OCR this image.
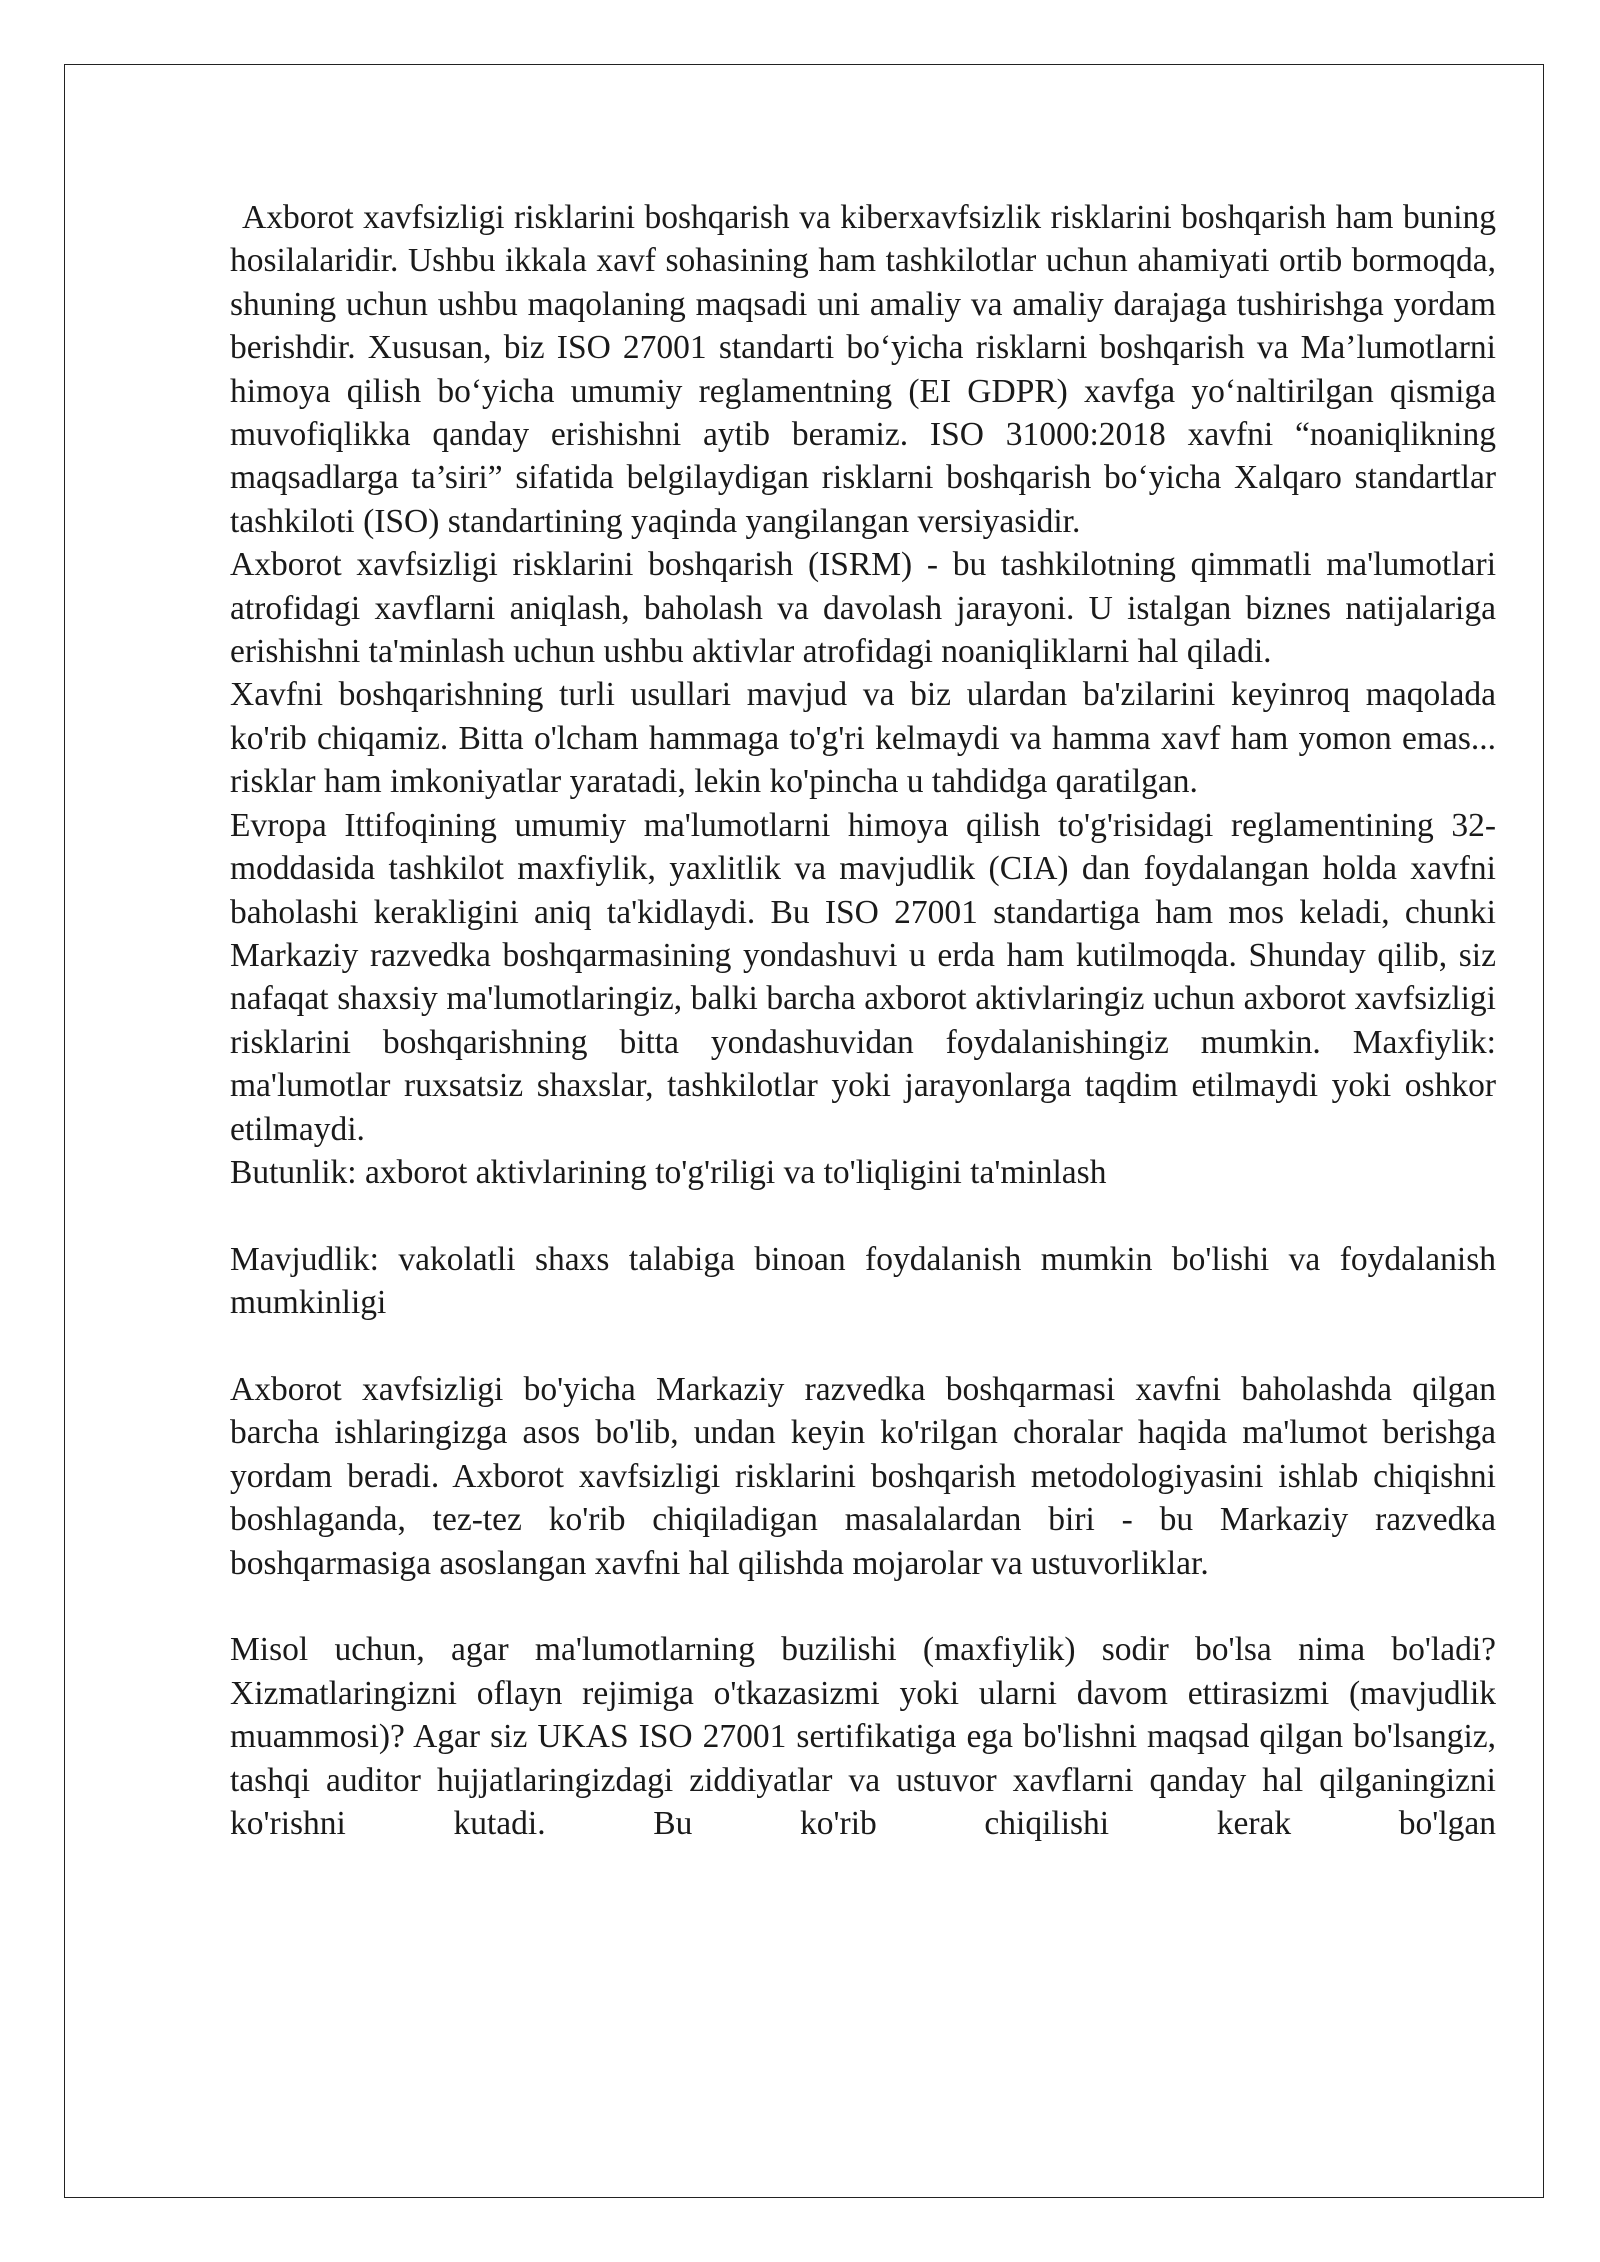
Axborot xavfsizligi risklarini boshqarish va kiberxavfsizlik risklarini boshqarish ham buning hosilalaridir. Ushbu ikkala xavf sohasining ham tashkilotlar uchun ahamiyati ortib bormoqda, shuning uchun ushbu maqolaning maqsadi uni amaliy va amaliy darajaga tushirishga yordam berishdir. Xususan, biz ISO 27001 standarti bo‘yicha risklarni boshqarish va Ma’lumotlarni himoya qilish bo‘yicha umumiy reglamentning (EI GDPR) xavfga yo‘naltirilgan qismiga muvofiqlikka qanday erishishni aytib beramiz. ISO 31000:2018 xavfni “noaniqlikning maqsadlarga ta’siri” sifatida belgilaydigan risklarni boshqarish bo‘yicha Xalqaro standartlar tashkiloti (ISO) standartining yaqinda yangilangan versiyasidir.

Axborot xavfsizligi risklarini boshqarish (ISRM) - bu tashkilotning qimmatli ma'lumotlari atrofidagi xavflarni aniqlash, baholash va davolash jarayoni. U istalgan biznes natijalariga erishishni ta'minlash uchun ushbu aktivlar atrofidagi noaniqliklarni hal qiladi.

Xavfni boshqarishning turli usullari mavjud va biz ulardan ba'zilarini keyinroq maqolada ko'rib chiqamiz. Bitta o'lcham hammaga to'g'ri kelmaydi va hamma xavf ham yomon emas... risklar ham imkoniyatlar yaratadi, lekin ko'pincha u tahdidga qaratilgan.

Evropa Ittifoqining umumiy ma'lumotlarni himoya qilish to'g'risidagi reglamentining 32-moddasida tashkilot maxfiylik, yaxlitlik va mavjudlik (CIA) dan foydalangan holda xavfni baholashi kerakligini aniq ta'kidlaydi. Bu ISO 27001 standartiga ham mos keladi, chunki Markaziy razvedka boshqarmasining yondashuvi u erda ham kutilmoqda. Shunday qilib, siz nafaqat shaxsiy ma'lumotlaringiz, balki barcha axborot aktivlaringiz uchun axborot xavfsizligi risklarini boshqarishning bitta yondashuvidan foydalanishingiz mumkin. Maxfiylik: ma'lumotlar ruxsatsiz shaxslar, tashkilotlar yoki jarayonlarga taqdim etilmaydi yoki oshkor etilmaydi.

Butunlik: axborot aktivlarining to'g'riligi va to'liqligini ta'minlash

Mavjudlik: vakolatli shaxs talabiga binoan foydalanish mumkin bo'lishi va foydalanish mumkinligi

Axborot xavfsizligi bo'yicha Markaziy razvedka boshqarmasi xavfni baholashda qilgan barcha ishlaringizga asos bo'lib, undan keyin ko'rilgan choralar haqida ma'lumot berishga yordam beradi. Axborot xavfsizligi risklarini boshqarish metodologiyasini ishlab chiqishni boshlaganda, tez-tez ko'rib chiqiladigan masalalardan biri - bu Markaziy razvedka boshqarmasiga asoslangan xavfni hal qilishda mojarolar va ustuvorliklar.

Misol uchun, agar ma'lumotlarning buzilishi (maxfiylik) sodir bo'lsa nima bo'ladi? Xizmatlaringizni oflayn rejimiga o'tkazasizmi yoki ularni davom ettirasizmi (mavjudlik muammosi)? Agar siz UKAS ISO 27001 sertifikatiga ega bo'lishni maqsad qilgan bo'lsangiz, tashqi auditor hujjatlaringizdagi ziddiyatlar va ustuvor xavflarni qanday hal qilganingizni ko'rishni kutadi. Bu ko'rib chiqilishi kerak bo'lgan
